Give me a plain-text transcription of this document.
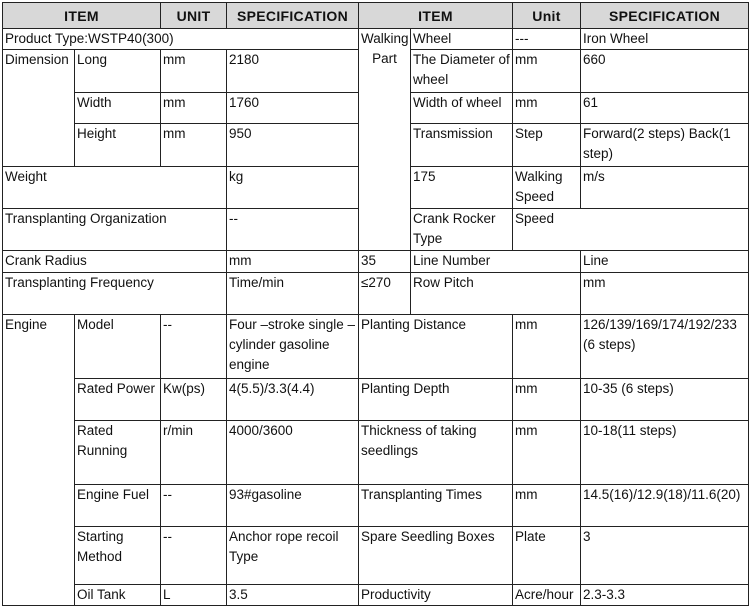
ITEM		UNIT	SPECIFICATION	ITEM		Unit	SPECIFICATION	
Product Type:WSTP40(300)				Walking Part	Wheel	---	Iron Wheel	
Dimension	Long	mm	2180		The Diameter of wheel	mm	660	
	Width	mm	1760		Width of wheel	mm	61	
	Height	mm	950		Transmission	Step	Forward(2 steps) Back(1 step)	
Weight			kg		175	Walking Speed	m/s	
Transplanting Organization			--		Crank Rocker Type	Speed		
Crank Radius			mm	35	Line Number		Line	
Transplanting Frequency			Time/min	≤270	Row Pitch		mm	
Engine	Model	--	Four –stroke single –cylinder gasoline engine	Planting Distance		mm	126/139/169/174/192/233 (6 steps)	
	Rated Power	Kw(ps)	4(5.5)/3.3(4.4)	Planting Depth		mm	10-35 (6 steps)	
	Rated Running	r/min	4000/3600	Thickness of taking seedlings		mm	10-18(11 steps)	
	Engine Fuel	--	93#gasoline	Transplanting Times		mm	14.5(16)/12.9(18)/11.6(20)	
	Starting Method	--	Anchor rope recoil Type	Spare Seedling Boxes		Plate	3	
	Oil Tank	L	3.5	Productivity		Acre/hour	2.3-3.3	
